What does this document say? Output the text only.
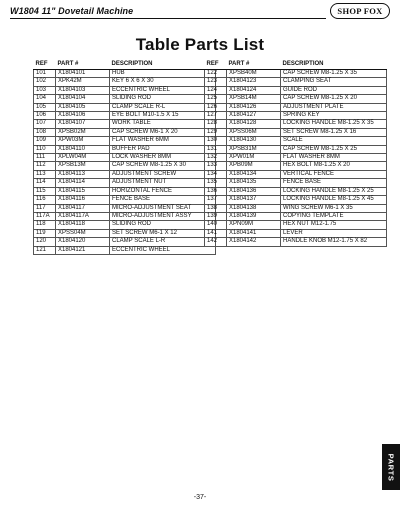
W1804 11" Dovetail Machine	SHOP FOX
Table Parts List
REF	PART #	DESCRIPTION
101	X1804101	HUB
102	XPK42M	KEY 6 X 6 X 30
103	X1804103	ECCENTRIC WHEEL
104	X1804104	SLIDING ROD
105	X1804105	CLAMP SCALE R-L
106	X1804106	EYE BOLT M10-1.5 X 15
107	X1804107	WORK TABLE
108	XPSB02M	CAP SCREW M6-1 X 20
109	XPW03M	FLAT WASHER 6MM
110	X1804110	BUFFER PAD
111	XPLW04M	LOCK WASHER 8MM
112	XPSB13M	CAP SCREW M8-1.25 X 30
113	X1804113	ADJUSTMENT SCREW
114	X1804114	ADJUSTMENT NUT
115	X1804115	HORIZONTAL FENCE
116	X1804116	FENCE BASE
117	X1804117	MICRO-ADJUSTMENT SEAT
117A	X1804117A	MICRO-ADJUSTMENT ASSY
118	X1804118	SLIDING ROD
119	XPSS04M	SET SCREW M6-1 X 12
120	X1804120	CLAMP SCALE L-R
121	X1804121	ECCENTRIC WHEEL
REF	PART #	DESCRIPTION
122	XPSB40M	CAP SCREW M8-1.25 X 35
123	X1804123	CLAMPING SEAT
124	X1804124	GUIDE ROD
125	XPSB14M	CAP SCREW M8-1.25 X 20
126	X1804126	ADJUSTMENT PLATE
127	X1804127	SPRING KEY
128	X1804128	LOCKING HANDLE M8-1.25 X 35
129	XPSS06M	SET SCREW M8-1.25 X 16
130	X1804130	SCALE
131	XPSB31M	CAP SCREW M8-1.25 X 25
132	XPW01M	FLAT WASHER 8MM
133	XPB09M	HEX BOLT M8-1.25 X 20
134	X1804134	VERTICAL FENCE
135	X1804135	FENCE BASE
136	X1804136	LOCKING HANDLE M8-1.25 X 25
137	X1804137	LOCKING HANDLE M8-1.25 X 45
138	X1804138	WING SCREW M6-1 X 35
139	X1804139	COPYING TEMPLATE
140	XPN09M	HEX NUT M12-1.75
141	X1804141	LEVER
142	X1804142	HANDLE KNOB M12-1.75 X 82
-37-
PARTS
